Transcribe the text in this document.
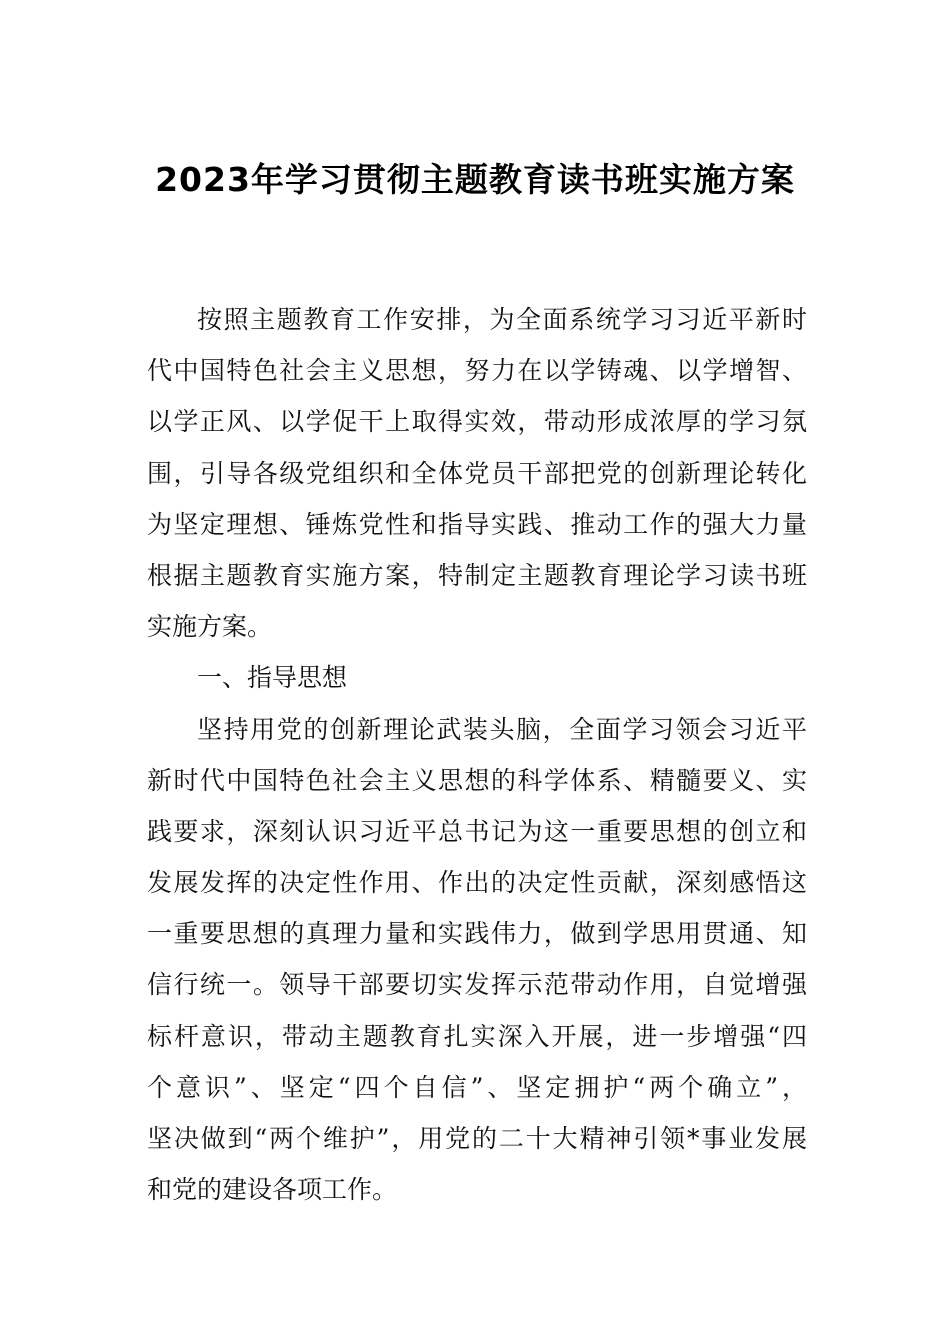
2023年学习贯彻主题教育读书班实施方案
按照主题教育工作安排，为全面系统学习习近平新时
代中国特色社会主义思想，努力在以学铸魂、以学增智、
以学正风、以学促干上取得实效，带动形成浓厚的学习氛
围，引导各级党组织和全体党员干部把党的创新理论转化
为坚定理想、锤炼党性和指导实践、推动工作的强大力量
根据主题教育实施方案，特制定主题教育理论学习读书班
实施方案。
一、指导思想
坚持用党的创新理论武装头脑，全面学习领会习近平
新时代中国特色社会主义思想的科学体系、精髓要义、实
践要求，深刻认识习近平总书记为这一重要思想的创立和
发展发挥的决定性作用、作出的决定性贡献，深刻感悟这
一重要思想的真理力量和实践伟力，做到学思用贯通、知
信行统一。领导干部要切实发挥示范带动作用，自觉增强
标杆意识，带动主题教育扎实深入开展，进一步增强“四
个意识”、坚定“四个自信”、坚定拥护“两个确立”，
坚决做到“两个维护”，用党的二十大精神引领*事业发展
和党的建设各项工作。
